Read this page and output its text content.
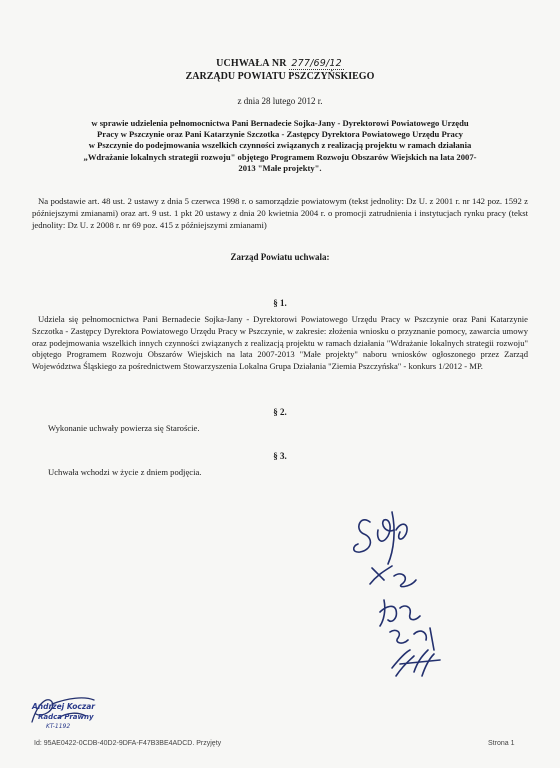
UCHWAŁA NR 277/69/12
ZARZĄDU POWIATU PSZCZYŃSKIEGO
z dnia 28 lutego 2012 r.
w sprawie udzielenia pełnomocnictwa Pani Bernadecie Sojka-Jany - Dyrektorowi Powiatowego Urzędu
Pracy w Pszczynie oraz Pani Katarzynie Szczotka - Zastępcy Dyrektora Powiatowego Urzędu Pracy
w Pszczynie do podejmowania wszelkich czynności związanych z realizacją projektu w ramach działania
„Wdrażanie lokalnych strategii rozwoju" objętego Programem Rozwoju Obszarów Wiejskich na lata 2007-
2013 "Małe projekty".
Na podstawie art. 48 ust. 2 ustawy z dnia 5 czerwca 1998 r. o samorządzie powiatowym (tekst jednolity: Dz U. z 2001 r. nr 142 poz. 1592 z późniejszymi zmianami) oraz art. 9 ust. 1 pkt 20 ustawy z dnia 20 kwietnia 2004 r. o promocji zatrudnienia i instytucjach rynku pracy (tekst jednolity: Dz U. z 2008 r. nr 69 poz. 415 z późniejszymi zmianami)
Zarząd Powiatu uchwala:
§ 1.
Udziela się pełnomocnictwa Pani Bernadecie Sojka-Jany - Dyrektorowi Powiatowego Urzędu Pracy w Pszczynie oraz Pani Katarzynie Szczotka - Zastępcy Dyrektora Powiatowego Urzędu Pracy w Pszczynie, w zakresie: złożenia wniosku o przyznanie pomocy, zawarcia umowy oraz podejmowania wszelkich innych czynności związanych z realizacją projektu w ramach działania "Wdrażanie lokalnych strategii rozwoju" objętego Programem Rozwoju Obszarów Wiejskich na lata 2007-2013 "Małe projekty" naboru wniosków ogłoszonego przez Zarząd Województwa Śląskiego za pośrednictwem Stowarzyszenia Lokalna Grupa Działania "Ziemia Pszczyńska" - konkurs 1/2012 - MP.
§ 2.
Wykonanie uchwały powierza się Staroście.
§ 3.
Uchwała wchodzi w życie z dniem podjęcia.
Andrzej Koczar
Radca Prawny
KT-1192
Id: 95AE0422-0CDB-40D2-9DFA-F47B3BE4ADCD. Przyjęty	Strona 1
